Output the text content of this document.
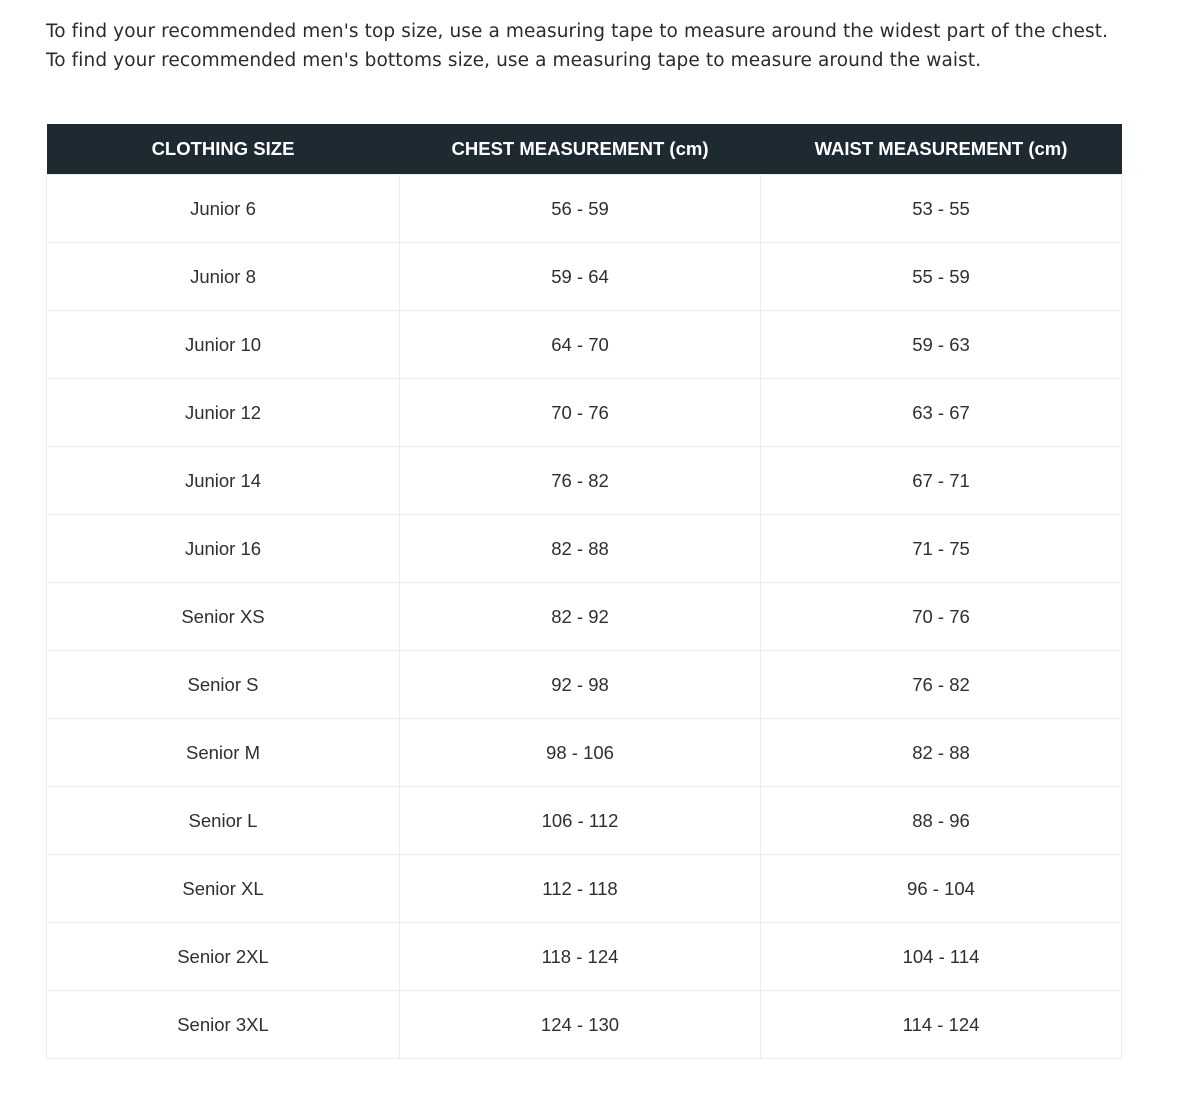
To find your recommended men's top size, use a measuring tape to measure around the widest part of the chest.

To find your recommended men's bottoms size, use a measuring tape to measure around the waist.

CLOTHING SIZE	CHEST MEASUREMENT (cm)	WAIST MEASUREMENT (cm)
Junior 6	56 - 59	53 - 55
Junior 8	59 - 64	55 - 59
Junior 10	64 - 70	59 - 63
Junior 12	70 - 76	63 - 67
Junior 14	76 - 82	67 - 71
Junior 16	82 - 88	71 - 75
Senior XS	82 - 92	70 - 76
Senior S	92 - 98	76 - 82
Senior M	98 - 106	82 - 88
Senior L	106 - 112	88 - 96
Senior XL	112 - 118	96 - 104
Senior 2XL	118 - 124	104 - 114
Senior 3XL	124 - 130	114 - 124
